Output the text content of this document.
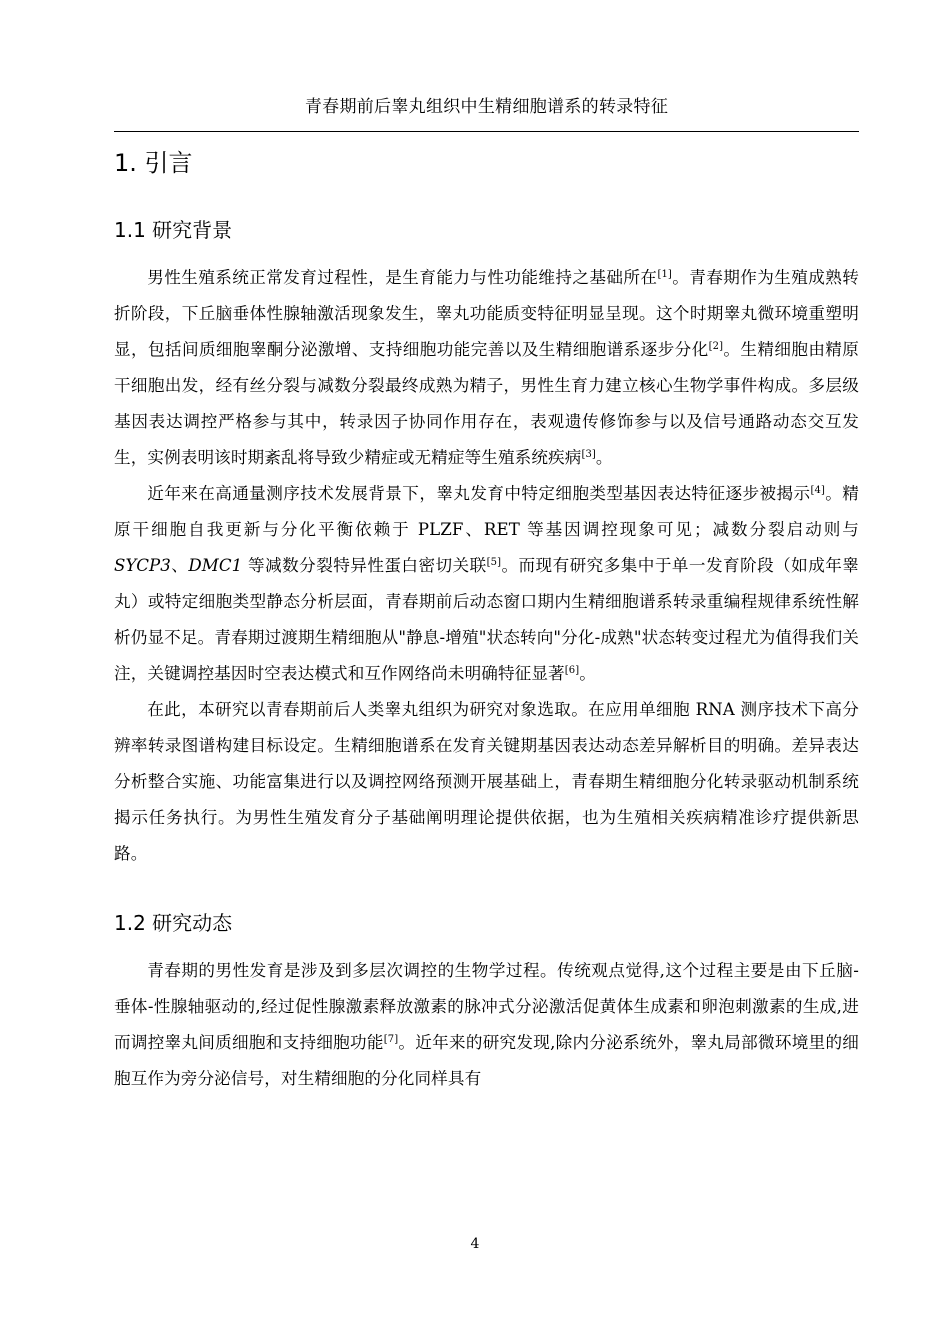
青春期前后睾丸组织中生精细胞谱系的转录特征
1. 引言
1.1 研究背景

男性生殖系统正常发育过程性，是生育能力与性功能维持之基础所在[1]。青春期作为生殖成熟转折阶段，下丘脑垂体性腺轴激活现象发生，睾丸功能质变特征明显呈现。这个时期睾丸微环境重塑明显，包括间质细胞睾酮分泌激增、支持细胞功能完善以及生精细胞谱系逐步分化[2]。生精细胞由精原干细胞出发，经有丝分裂与减数分裂最终成熟为精子，男性生育力建立核心生物学事件构成。多层级基因表达调控严格参与其中，转录因子协同作用存在，表观遗传修饰参与以及信号通路动态交互发生，实例表明该时期紊乱将导致少精症或无精症等生殖系统疾病[3]。

近年来在高通量测序技术发展背景下，睾丸发育中特定细胞类型基因表达特征逐步被揭示[4]。精原干细胞自我更新与分化平衡依赖于 PLZF、RET 等基因调控现象可见；减数分裂启动则与 SYCP3、DMC1 等减数分裂特异性蛋白密切关联[5]。而现有研究多集中于单一发育阶段（如成年睾丸）或特定细胞类型静态分析层面，青春期前后动态窗口期内生精细胞谱系转录重编程规律系统性解析仍显不足。青春期过渡期生精细胞从"静息-增殖"状态转向"分化-成熟"状态转变过程尤为值得我们关注，关键调控基因时空表达模式和互作网络尚未明确特征显著[6]。

在此，本研究以青春期前后人类睾丸组织为研究对象选取。在应用单细胞 RNA 测序技术下高分辨率转录图谱构建目标设定。生精细胞谱系在发育关键期基因表达动态差异解析目的明确。差异表达分析整合实施、功能富集进行以及调控网络预测开展基础上，青春期生精细胞分化转录驱动机制系统揭示任务执行。为男性生殖发育分子基础阐明理论提供依据，也为生殖相关疾病精准诊疗提供新思路。

1.2 研究动态

青春期的男性发育是涉及到多层次调控的生物学过程。传统观点觉得,这个过程主要是由下丘脑-垂体-性腺轴驱动的,经过促性腺激素释放激素的脉冲式分泌激活促黄体生成素和卵泡刺激素的生成,进而调控睾丸间质细胞和支持细胞功能[7]。近年来的研究发现,除内分泌系统外，睾丸局部微环境里的细胞互作为旁分泌信号，对生精细胞的分化同样具有

4
